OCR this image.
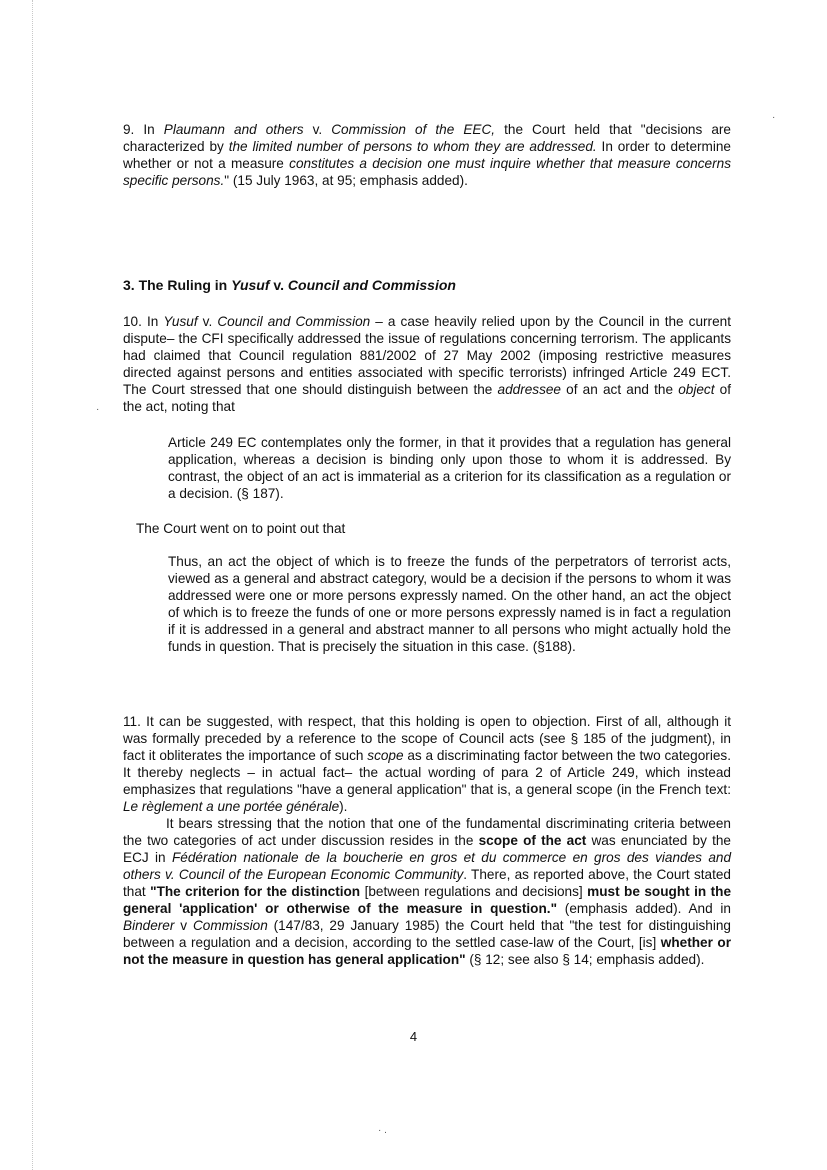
9. In Plaumann and others v. Commission of the EEC, the Court held that "decisions are characterized by the limited number of persons to whom they are addressed. In order to determine whether or not a measure constitutes a decision one must inquire whether that measure concerns specific persons." (15 July 1963, at 95; emphasis added).

3. The Ruling in Yusuf v. Council and Commission

10. In Yusuf v. Council and Commission – a case heavily relied upon by the Council in the current dispute– the CFI specifically addressed the issue of regulations concerning terrorism. The applicants had claimed that Council regulation 881/2002 of 27 May 2002 (imposing restrictive measures directed against persons and entities associated with specific terrorists) infringed Article 249 ECT. The Court stressed that one should distinguish between the addressee of an act and the object of the act, noting that

Article 249 EC contemplates only the former, in that it provides that a regulation has general application, whereas a decision is binding only upon those to whom it is addressed. By contrast, the object of an act is immaterial as a criterion for its classification as a regulation or a decision. (§ 187).

The Court went on to point out that

Thus, an act the object of which is to freeze the funds of the perpetrators of terrorist acts, viewed as a general and abstract category, would be a decision if the persons to whom it was addressed were one or more persons expressly named. On the other hand, an act the object of which is to freeze the funds of one or more persons expressly named is in fact a regulation if it is addressed in a general and abstract manner to all persons who might actually hold the funds in question. That is precisely the situation in this case. (§188).

11. It can be suggested, with respect, that this holding is open to objection. First of all, although it was formally preceded by a reference to the scope of Council acts (see § 185 of the judgment), in fact it obliterates the importance of such scope as a discriminating factor between the two categories. It thereby neglects – in actual fact– the actual wording of para 2 of Article 249, which instead emphasizes that regulations "have a general application" that is, a general scope (in the French text: Le règlement a une portée générale).

It bears stressing that the notion that one of the fundamental discriminating criteria between the two categories of act under discussion resides in the scope of the act was enunciated by the ECJ in Fédération nationale de la boucherie en gros et du commerce en gros des viandes and others v. Council of the European Economic Community. There, as reported above, the Court stated that "The criterion for the distinction [between regulations and decisions] must be sought in the general 'application' or otherwise of the measure in question." (emphasis added). And in Binderer v Commission (147/83, 29 January 1985) the Court held that "the test for distinguishing between a regulation and a decision, according to the settled case-law of the Court, [is] whether or not the measure in question has general application" (§ 12; see also § 14; emphasis added).

4
·
·
· .
